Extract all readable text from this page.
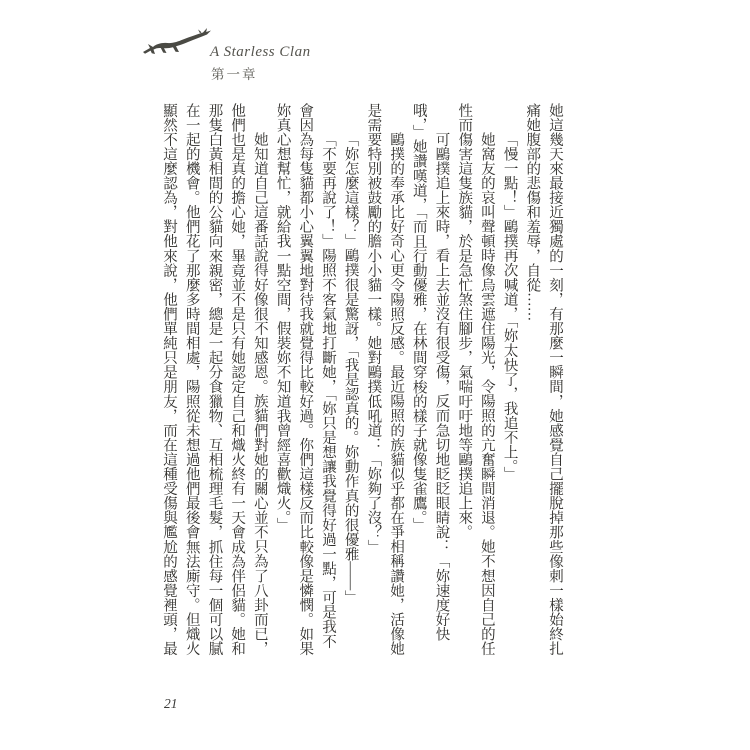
A Starless Clan
第一章

她這幾天來最接近獨處的一刻，有那麼一瞬間，她感覺自己擺脫掉那些像刺一樣始終扎痛她腹部的悲傷和羞辱，自從……

「慢一點！」鷗撲再次喊道，「妳太快了，我追不上。」

她窩友的哀叫聲頓時像烏雲遮住陽光，令陽照的亢奮瞬間消退。她不想因自己的任性而傷害這隻族貓，於是急忙煞住腳步，氣喘吁吁地等鷗撲追上來。

可鷗撲追上來時，看上去並沒有很受傷，反而急切地眨眨眼睛說：「妳速度好快哦，」她讚嘆道，「而且行動優雅，在林間穿梭的樣子就像隻雀鷹。」

鷗撲的奉承比好奇心更令陽照反感。最近陽照的族貓似乎都在爭相稱讚她，活像她是需要特別被鼓勵的膽小小貓一樣。她對鷗撲低吼道：「妳夠了沒？」

「妳怎麼這樣？」鷗撲很是驚訝，「我是認真的。妳動作真的很優雅——」

「不要再說了！」陽照不客氣地打斷她，「妳只是想讓我覺得好過一點，可是我不會因為每隻貓都小心翼翼地對待我就覺得比較好過。你們這樣反而比較像是憐憫。如果妳真心想幫忙，就給我一點空間，假裝妳不知道我曾經喜歡熾火。」

她知道自己這番話說得好像很不知感恩。族貓們對她的關心並不只為了八卦而已，他們也是真的擔心她，畢竟並不是只有她認定自己和熾火終有一天會成為伴侶貓。她和那隻白黃相間的公貓向來親密，總是一起分食獵物、互相梳理毛髮，抓住每一個可以膩在一起的機會。他們花了那麼多時間相處，陽照從未想過他們最後會無法廝守。但熾火顯然不這麼認為，對他來說，他們單純只是朋友，而在這種受傷與尷尬的感覺裡頭，最

21
